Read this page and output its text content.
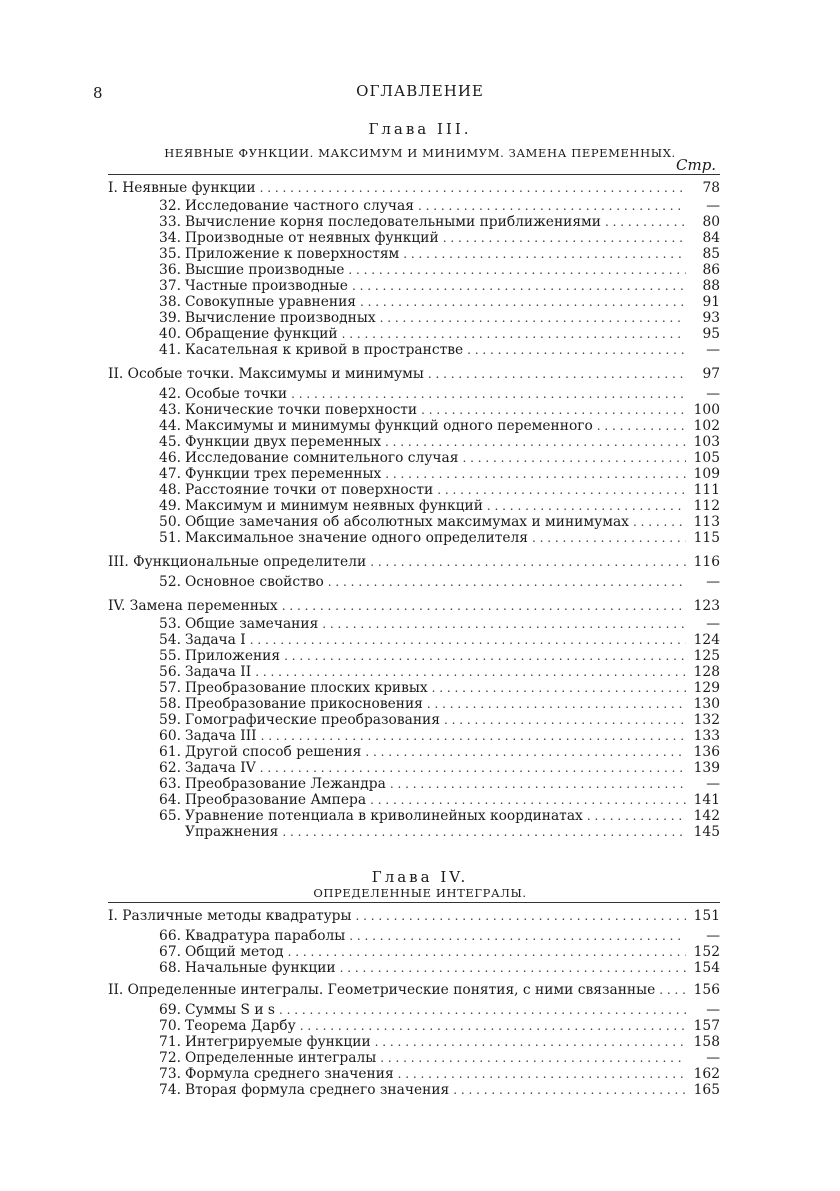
8	ОГЛАВЛЕНИЕ
Глава III.
НЕЯВНЫЕ ФУНКЦИИ. МАКСИМУМ И МИНИМУМ. ЗАМЕНА ПЕРЕМЕННЫХ.
Стр.
I. Неявные функции . . .	78
32. Исследование частного случая . . .	—
33. Вычисление корня последовательными приближениями . . .	80
34. Производные от неявных функций . . .	84
35. Приложение к поверхностям . . .	85
36. Высшие производные . . .	86
37. Частные производные . . .	88
38. Совокупные уравнения . . .	91
39. Вычисление производных . . .	93
40. Обращение функций . . .	95
41. Касательная к кривой в пространстве . . .	—
II. Особые точки. Максимумы и минимумы . . .	97
42. Особые точки . . .	—
43. Конические точки поверхности . . .	100
44. Максимумы и минимумы функций одного переменного . . .	102
45. Функции двух переменных . . .	103
46. Исследование сомнительного случая . . .	105
47. Функции трех переменных . . .	109
48. Расстояние точки от поверхности . . .	111
49. Максимум и минимум неявных функций . . .	112
50. Общие замечания об абсолютных максимумах и минимумах . . .	113
51. Максимальное значение одного определителя . . .	115
III. Функциональные определители . . .	116
52. Основное свойство . . .	—
IV. Замена переменных . . .	123
53. Общие замечания . . .	—
54. Задача I . . .	124
55. Приложения . . .	125
56. Задача II . . .	128
57. Преобразование плоских кривых . . .	129
58. Преобразование прикосновения . . .	130
59. Гомографические преобразования . . .	132
60. Задача III . . .	133
61. Другой способ решения . . .	136
62. Задача IV . . .	139
63. Преобразование Лежандра . . .	—
64. Преобразование Ампера . . .	141
65. Уравнение потенциала в криволинейных координатах . . .	142
Упражнения . . .	145
Глава IV.
ОПРЕДЕЛЕННЫЕ ИНТЕГРАЛЫ.
I. Различные методы квадратуры . . .	151
66. Квадратура параболы . . .	—
67. Общий метод . . .	152
68. Начальные функции . . .	154
II. Определенные интегралы. Геометрические понятия, с ними связанные . . .	156
69. Суммы S и s . . .	—
70. Теорема Дарбу . . .	157
71. Интегрируемые функции . . .	158
72. Определенные интегралы . . .	—
73. Формула среднего значения . . .	162
74. Вторая формула среднего значения . . .	165
